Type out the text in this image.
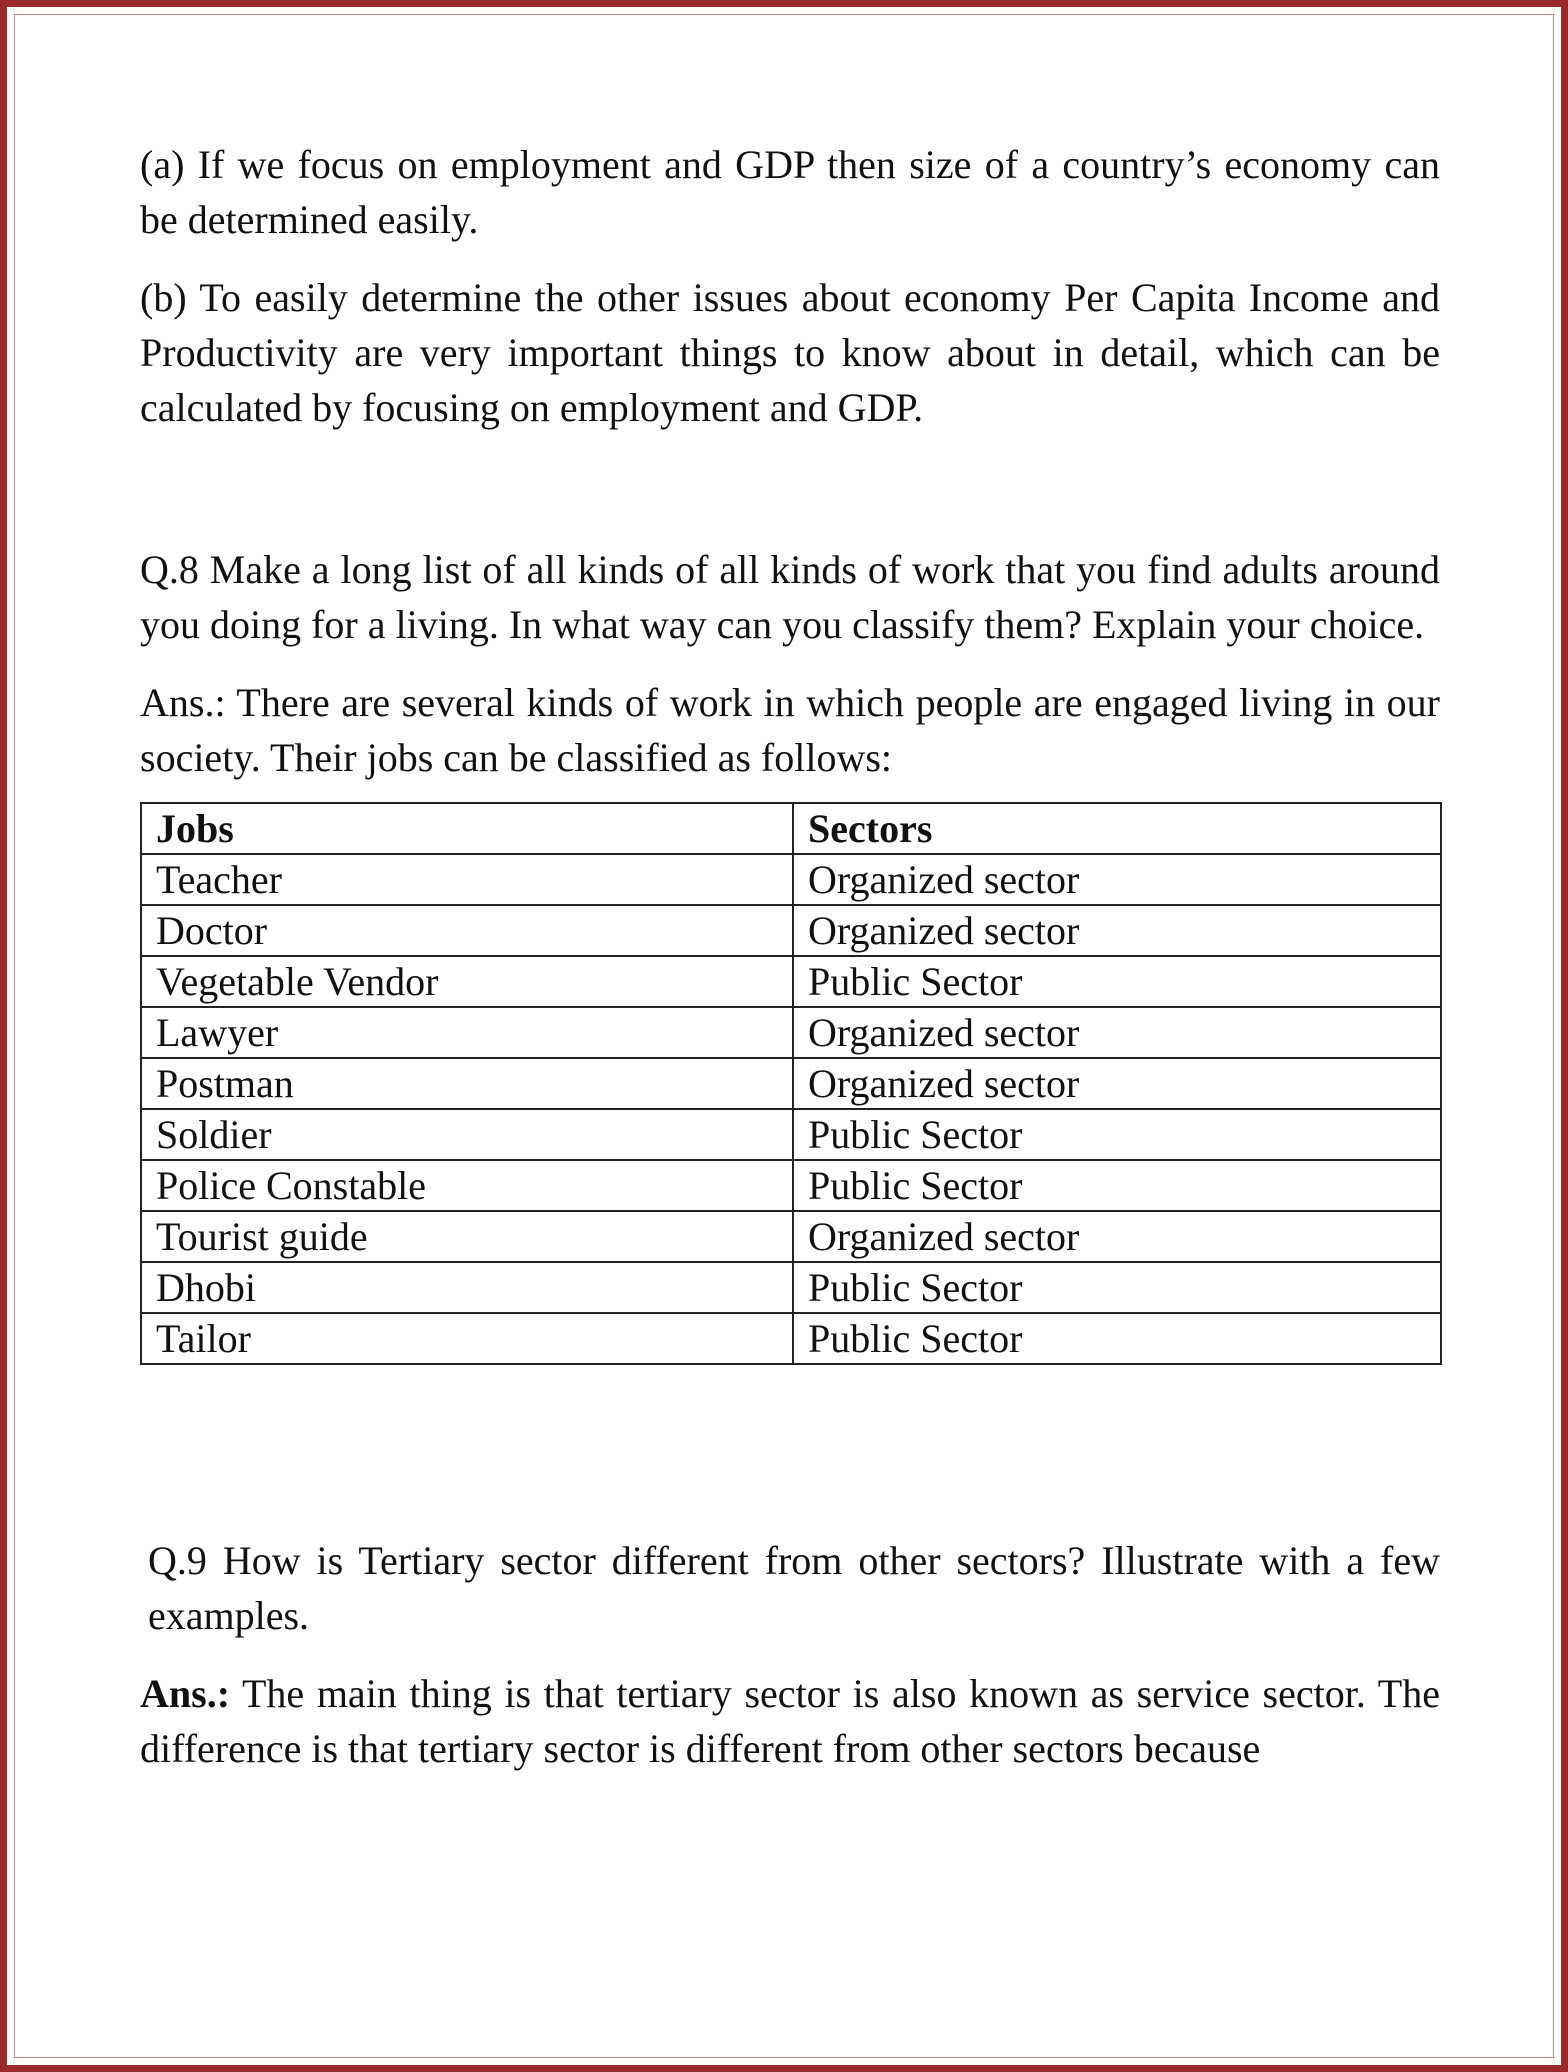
(a) If we focus on employment and GDP then size of a country’s economy can be determined easily.

(b) To easily determine the other issues about economy Per Capita Income and Productivity are very important things to know about in detail, which can be calculated by focusing on employment and GDP.

Q.8 Make a long list of all kinds of all kinds of work that you find adults around you doing for a living. In what way can you classify them? Explain your choice.

Ans.: There are several kinds of work in which people are engaged living in our society. Their jobs can be classified as follows:

Jobs	Sectors
Teacher	Organized sector
Doctor	Organized sector
Vegetable Vendor	Public Sector
Lawyer	Organized sector
Postman	Organized sector
Soldier	Public Sector
Police Constable	Public Sector
Tourist guide	Organized sector
Dhobi	Public Sector
Tailor	Public Sector

Q.9 How is Tertiary sector different from other sectors? Illustrate with a few examples.

Ans.: The main thing is that tertiary sector is also known as service sector. The difference is that tertiary sector is different from other sectors because
